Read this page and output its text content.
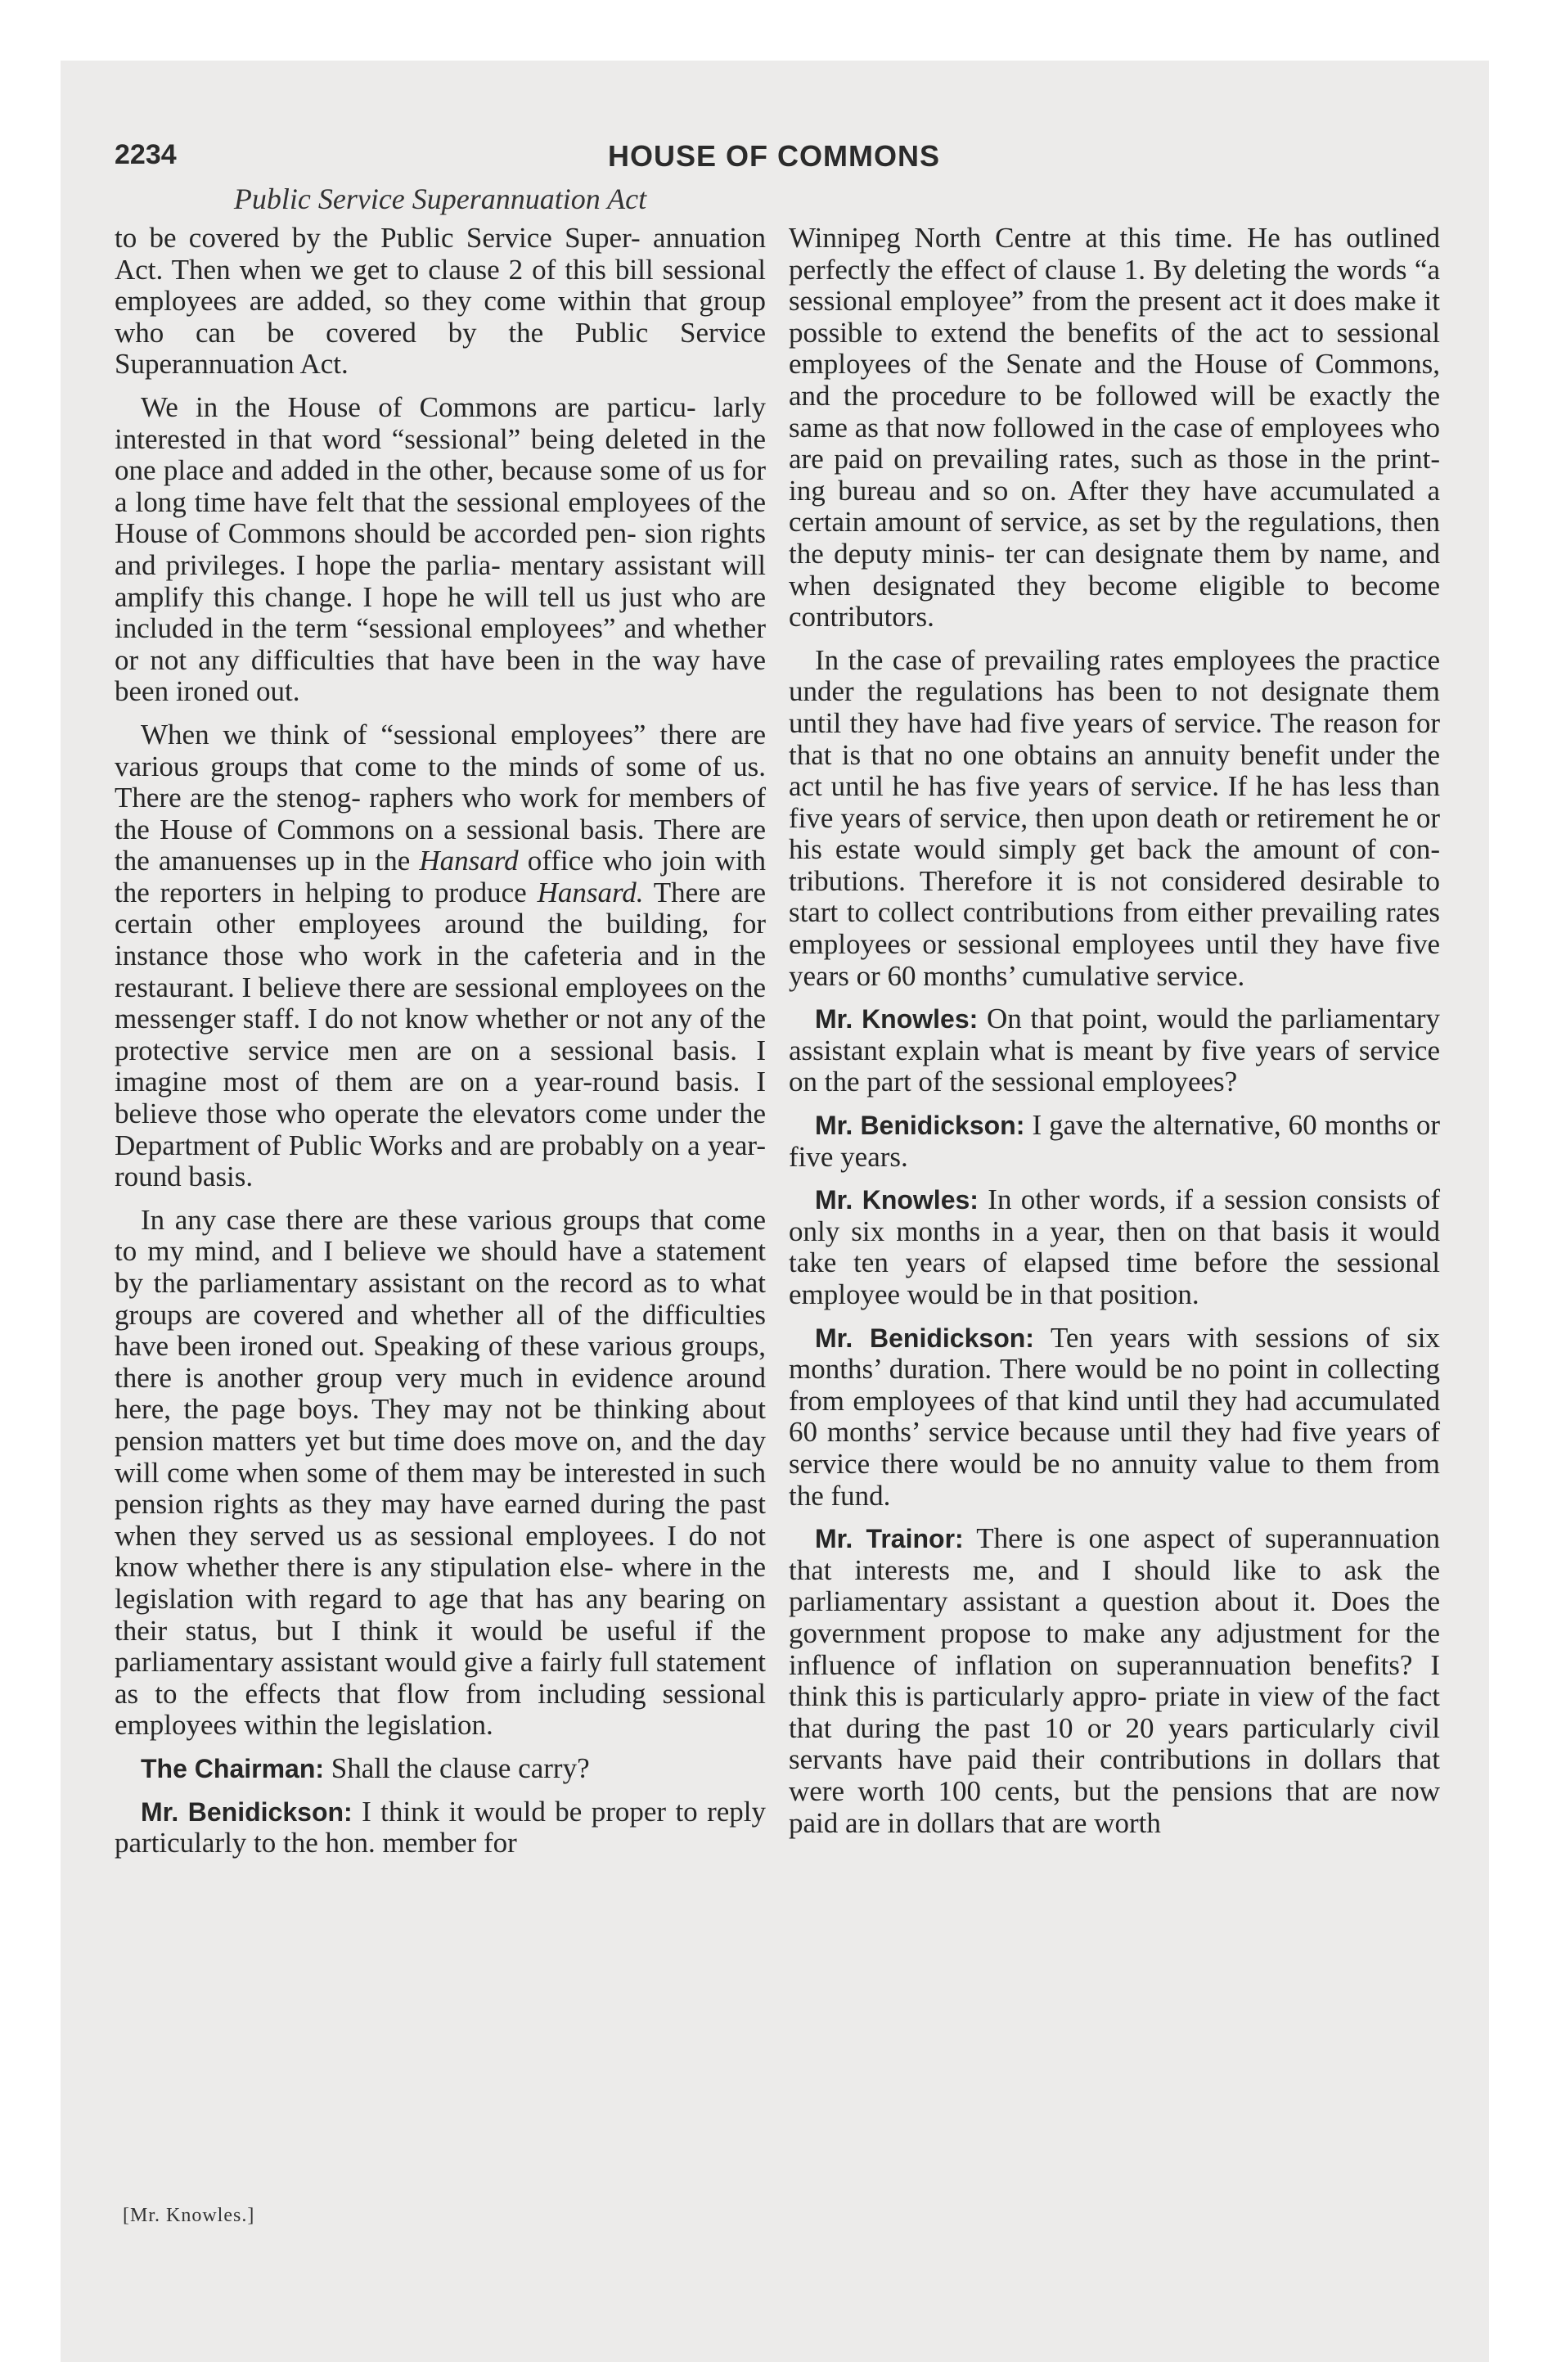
2234	HOUSE OF COMMONS
Public Service Superannuation Act

to be covered by the Public Service Super- annuation Act. Then when we get to clause 2 of this bill sessional employees are added, so they come within that group who can be covered by the Public Service Superannuation Act.

We in the House of Commons are particu- larly interested in that word “sessional” being deleted in the one place and added in the other, because some of us for a long time have felt that the sessional employees of the House of Commons should be accorded pen- sion rights and privileges. I hope the parlia- mentary assistant will amplify this change. I hope he will tell us just who are included in the term “sessional employees” and whether or not any difficulties that have been in the way have been ironed out.

When we think of “sessional employees” there are various groups that come to the minds of some of us. There are the stenog- raphers who work for members of the House of Commons on a sessional basis. There are the amanuenses up in the Hansard office who join with the reporters in helping to produce Hansard. There are certain other employees around the building, for instance those who work in the cafeteria and in the restaurant. I believe there are sessional employees on the messenger staff. I do not know whether or not any of the protective service men are on a sessional basis. I imagine most of them are on a year-round basis. I believe those who operate the elevators come under the Department of Public Works and are probably on a year- round basis.

In any case there are these various groups that come to my mind, and I believe we should have a statement by the parliamentary assistant on the record as to what groups are covered and whether all of the difficulties have been ironed out. Speaking of these various groups, there is another group very much in evidence around here, the page boys. They may not be thinking about pension matters yet but time does move on, and the day will come when some of them may be interested in such pension rights as they may have earned during the past when they served us as sessional employees. I do not know whether there is any stipulation else- where in the legislation with regard to age that has any bearing on their status, but I think it would be useful if the parliamentary assistant would give a fairly full statement as to the effects that flow from including sessional employees within the legislation.

The Chairman: Shall the clause carry?

Mr. Benidickson: I think it would be proper to reply particularly to the hon. member for

Winnipeg North Centre at this time. He has outlined perfectly the effect of clause 1. By deleting the words “a sessional employee” from the present act it does make it possible to extend the benefits of the act to sessional employees of the Senate and the House of Commons, and the procedure to be followed will be exactly the same as that now followed in the case of employees who are paid on prevailing rates, such as those in the print- ing bureau and so on. After they have accumulated a certain amount of service, as set by the regulations, then the deputy minis- ter can designate them by name, and when designated they become eligible to become contributors.

In the case of prevailing rates employees the practice under the regulations has been to not designate them until they have had five years of service. The reason for that is that no one obtains an annuity benefit under the act until he has five years of service. If he has less than five years of service, then upon death or retirement he or his estate would simply get back the amount of con- tributions. Therefore it is not considered desirable to start to collect contributions from either prevailing rates employees or sessional employees until they have five years or 60 months’ cumulative service.

Mr. Knowles: On that point, would the parliamentary assistant explain what is meant by five years of service on the part of the sessional employees?

Mr. Benidickson: I gave the alternative, 60 months or five years.

Mr. Knowles: In other words, if a session consists of only six months in a year, then on that basis it would take ten years of elapsed time before the sessional employee would be in that position.

Mr. Benidickson: Ten years with sessions of six months’ duration. There would be no point in collecting from employees of that kind until they had accumulated 60 months’ service because until they had five years of service there would be no annuity value to them from the fund.

Mr. Trainor: There is one aspect of superannuation that interests me, and I should like to ask the parliamentary assistant a question about it. Does the government propose to make any adjustment for the influence of inflation on superannuation benefits? I think this is particularly appro- priate in view of the fact that during the past 10 or 20 years particularly civil servants have paid their contributions in dollars that were worth 100 cents, but the pensions that are now paid are in dollars that are worth

[Mr. Knowles.]
